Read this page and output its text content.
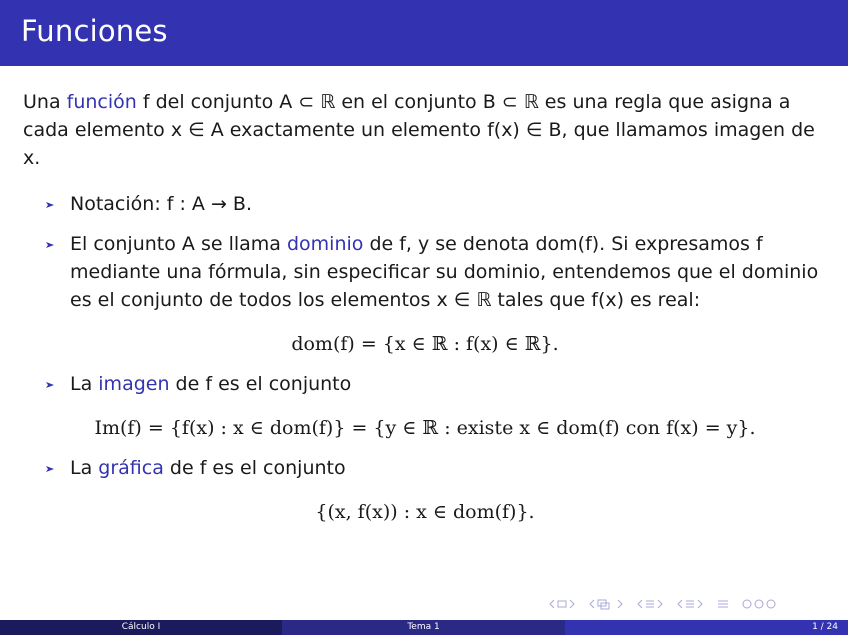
Funciones

Una función f del conjunto A ⊂ ℝ en el conjunto B ⊂ ℝ es una regla que asigna a cada elemento x ∈ A exactamente un elemento f(x) ∈ B, que llamamos imagen de x.

Notación: f : A → B.
El conjunto A se llama dominio de f, y se denota dom(f). Si expresamos f mediante una fórmula, sin especificar su dominio, entendemos que el dominio es el conjunto de todos los elementos x ∈ ℝ tales que f(x) es real:
dom(f) = {x ∈ ℝ : f(x) ∈ ℝ}.
La imagen de f es el conjunto
Im(f) = {f(x) : x ∈ dom(f)} = {y ∈ ℝ : existe x ∈ dom(f) con f(x) = y}.
La gráfica de f es el conjunto
{(x, f(x)) : x ∈ dom(f)}.
Cálculo I	Tema 1	1 / 24
